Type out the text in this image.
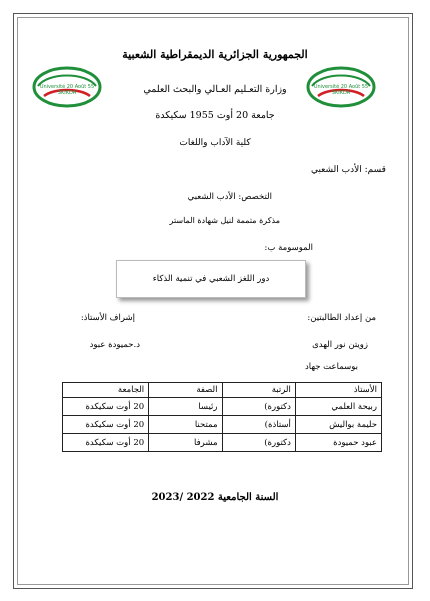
الجمهورية الجزائرية الديمقراطية الشعبية
وزارة التعـليم العـالي والبحث العلمي
جامعة 20 أوت 1955 سكيكدة
كلية الآداب واللغات
Université 20 Août 55
SKIKDA
Université 20 Août 55
SKIKDA
قسم: الأدب الشعبي
التخصص: الأدب الشعبي
مذكرة متممة لنيل شهادة الماستر
الموسومة ب:
دور اللغز الشعبي في تنمية الذكاء
من إعداد الطالبتين:
إشراف الأستاذ:
زويتن نور الهدى
د.حميودة عبود
بوسماعت جهاد
الأستاذ	الرتبة	الصفة	الجامعة
ربيحة العلمي	دكتورة)	رئيسا	20 أوت سكيكدة
حليمة بواليش	أستاذة)	ممتحنا	20 أوت سكيكدة
عبود حميودة	دكتورة)	مشرفا	20 أوت سكيكدة
السنة الجامعية 2022 /2023
